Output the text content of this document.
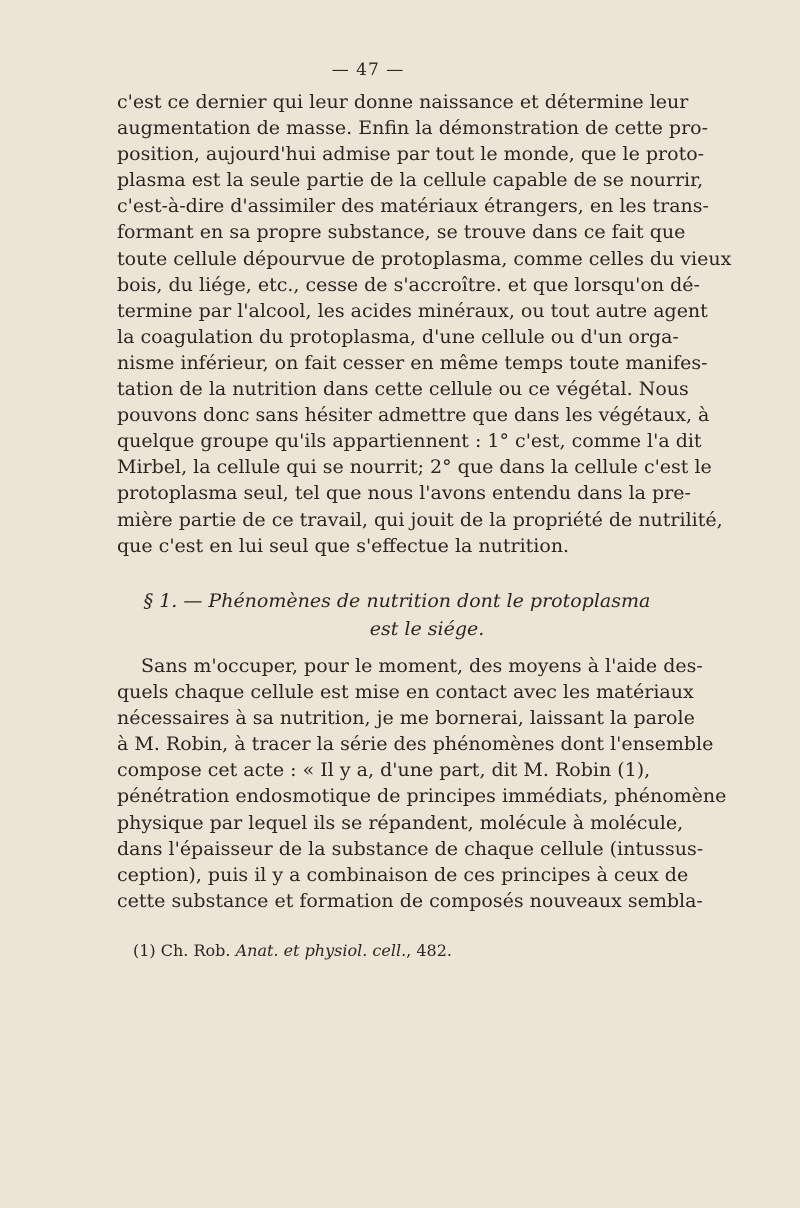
— 47 —
c'est ce dernier qui leur donne naissance et détermine leur
augmentation de masse. Enfin la démonstration de cette pro-
position, aujourd'hui admise par tout le monde, que le proto-
plasma est la seule partie de la cellule capable de se nourrir,
c'est-à-dire d'assimiler des matériaux étrangers, en les trans-
formant en sa propre substance, se trouve dans ce fait que
toute cellule dépourvue de protoplasma, comme celles du vieux
bois, du liége, etc., cesse de s'accroître. et que lorsqu'on dé-
termine par l'alcool, les acides minéraux, ou tout autre agent
la coagulation du protoplasma, d'une cellule ou d'un orga-
nisme inférieur, on fait cesser en même temps toute manifes-
tation de la nutrition dans cette cellule ou ce végétal. Nous
pouvons donc sans hésiter admettre que dans les végétaux, à
quelque groupe qu'ils appartiennent : 1° c'est, comme l'a dit
Mirbel, la cellule qui se nourrit; 2° que dans la cellule c'est le
protoplasma seul, tel que nous l'avons entendu dans la pre-
mière partie de ce travail, qui jouit de la propriété de nutrilité,
que c'est en lui seul que s'effectue la nutrition.
§ 1. — Phénomènes de nutrition dont le protoplasma
est le siége.
Sans m'occuper, pour le moment, des moyens à l'aide des-
quels chaque cellule est mise en contact avec les matériaux
nécessaires à sa nutrition, je me bornerai, laissant la parole
à M. Robin, à tracer la série des phénomènes dont l'ensemble
compose cet acte : « Il y a, d'une part, dit M. Robin (1),
pénétration endosmotique de principes immédiats, phénomène
physique par lequel ils se répandent, molécule à molécule,
dans l'épaisseur de la substance de chaque cellule (intussus-
ception), puis il y a combinaison de ces principes à ceux de
cette substance et formation de composés nouveaux sembla-
(1) Ch. Rob. Anat. et physiol. cell., 482.
